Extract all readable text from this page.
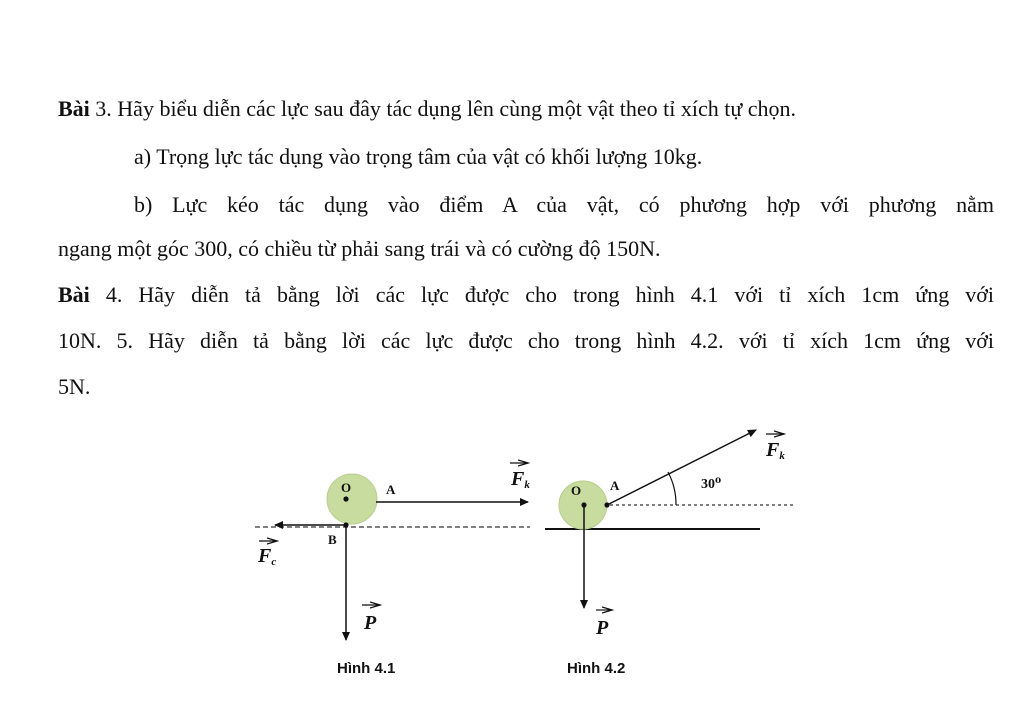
Bài 3. Hãy biểu diễn các lực sau đây tác dụng lên cùng một vật theo tỉ xích tự chọn.
a) Trọng lực tác dụng vào trọng tâm của vật có khối lượng 10kg.
b) Lực kéo tác dụng vào điểm A của vật, có phương hợp với phương nằm
ngang một góc 300, có chiều từ phải sang trái và có cường độ 150N.
Bài 4. Hãy diễn tả bằng lời các lực được cho trong hình 4.1 với tỉ xích 1cm ứng với
10N. 5. Hãy diễn tả bằng lời các lực được cho trong hình 4.2. với tỉ xích 1cm ứng với
5N.
O	A
B
Fk
Fc
P
Hình 4.1
O A	30⁰
Fk
P
Hình 4.2
